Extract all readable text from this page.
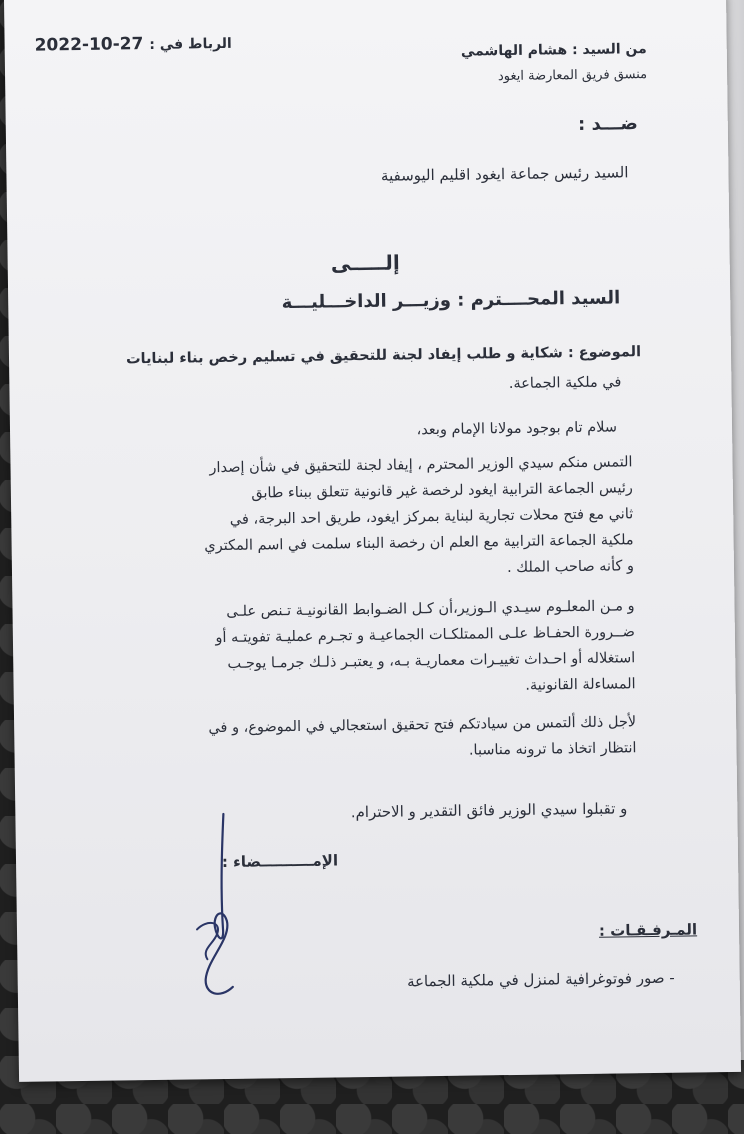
2022-10-27 الرباط في :	من السيد : هشام الهاشمي
منسق فريق المعارضة ايغود
ضـــد :
السيد رئيس جماعة ايغود اقليم اليوسفية
إلـــــى
السيد المحــــترم : وزيـــر الداخـــليـــة
الموضوع : شكاية و طلب إيفاد لجنة للتحقيق في تسليم رخص بناء لبنايات
في ملكية الجماعة.
سلام تام بوجود مولانا الإمام وبعد،
التمس منكم سيدي الوزير المحترم ، إيفاد لجنة للتحقيق في شأن إصدار
رئيس الجماعة الترابية ايغود لرخصة غير قانونية تتعلق ببناء طابق
ثاني مع فتح محلات تجارية لبناية بمركز ايغود، طريق احد البرجة، في
ملكية الجماعة الترابية مع العلم ان رخصة البناء سلمت في اسم المكتري
و كأنه صاحب الملك .
و مـن المعلـوم سيـدي الـوزير،أن كـل الضـوابط القانونيـة تـنص علـى
ضــرورة الحفـاظ علـى الممتلكـات الجماعيـة و تجـرم عمليـة تفويتـه أو
استغلاله أو احـداث تغييـرات معماريـة بـه، و يعتبـر ذلـك جرمـا يوجـب
المساءلة القانونية.
لأجل ذلك ألتمس من سيادتكم فتح تحقيق استعجالي في الموضوع، و في
انتظار اتخاذ ما ترونه مناسبا.
و تقبلوا سيدي الوزير فائق التقدير و الاحترام.
الإمــــــــــضاء :
المـرفـقـات :
- صور فوتوغرافية لمنزل في ملكية الجماعة
